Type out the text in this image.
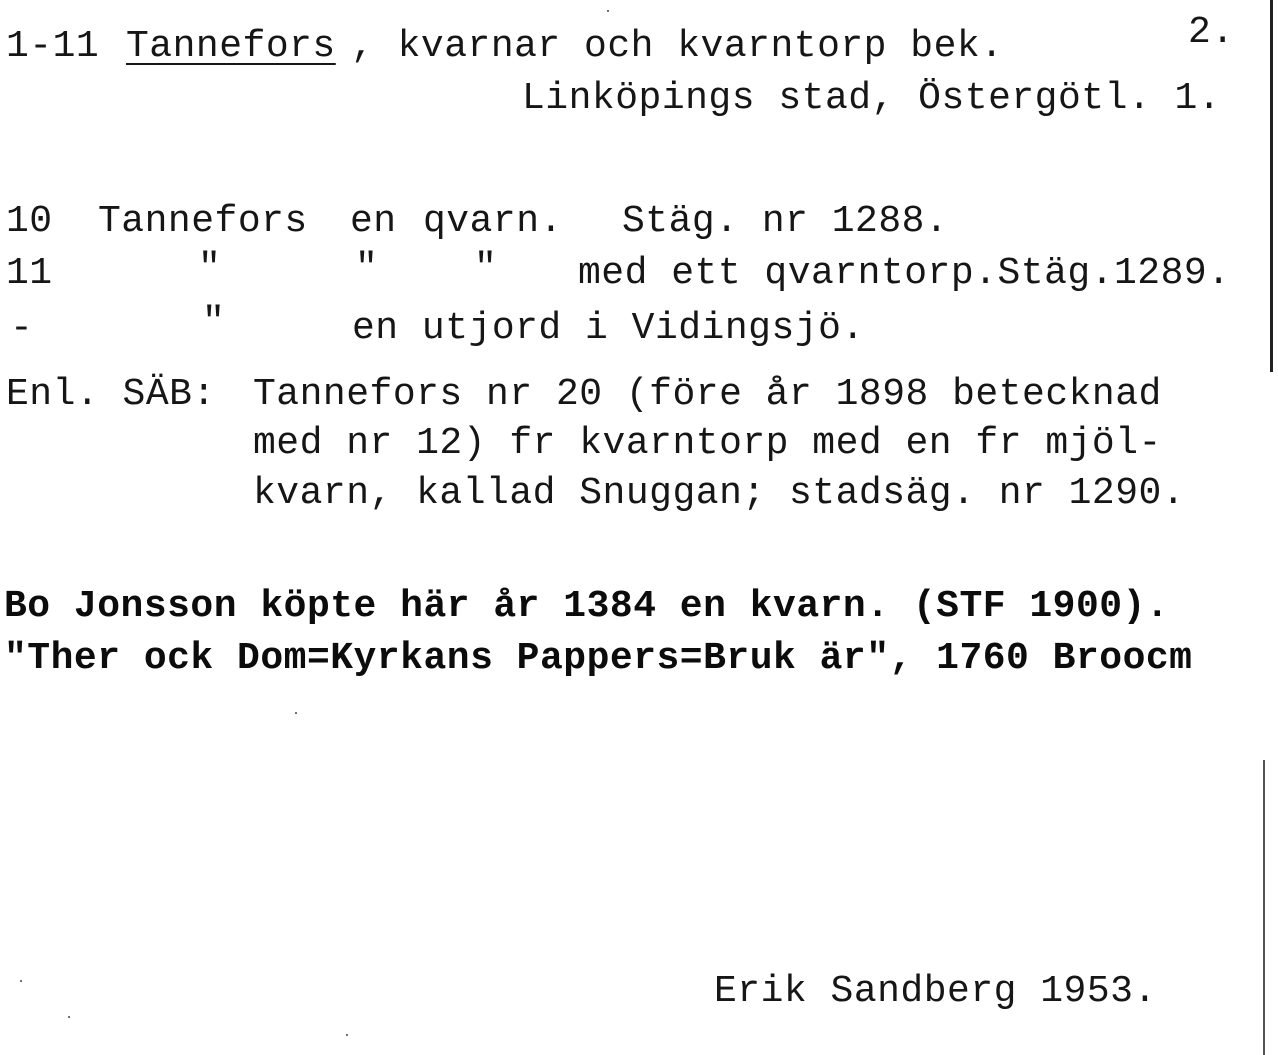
1-11 Tannefors , kvarnar och kvarntorp bek.	2.
Linköpings stad, Östergötl. 1.
10 Tannefors en qvarn. Stäg. nr 1288.
11	"	"	" med ett qvarntorp.Stäg.1289.
-	"	en utjord i Vidingsjö.
Enl. SÄB: Tannefors nr 20 (före år 1898 betecknad
med nr 12) fr kvarntorp med en fr mjöl-
kvarn, kallad Snuggan; stadsäg. nr 1290.
Bo Jonsson köpte här år 1384 en kvarn. (STF 1900).
"Ther ock Dom=Kyrkans Pappers=Bruk är", 1760 Broocm
Erik Sandberg 1953.
